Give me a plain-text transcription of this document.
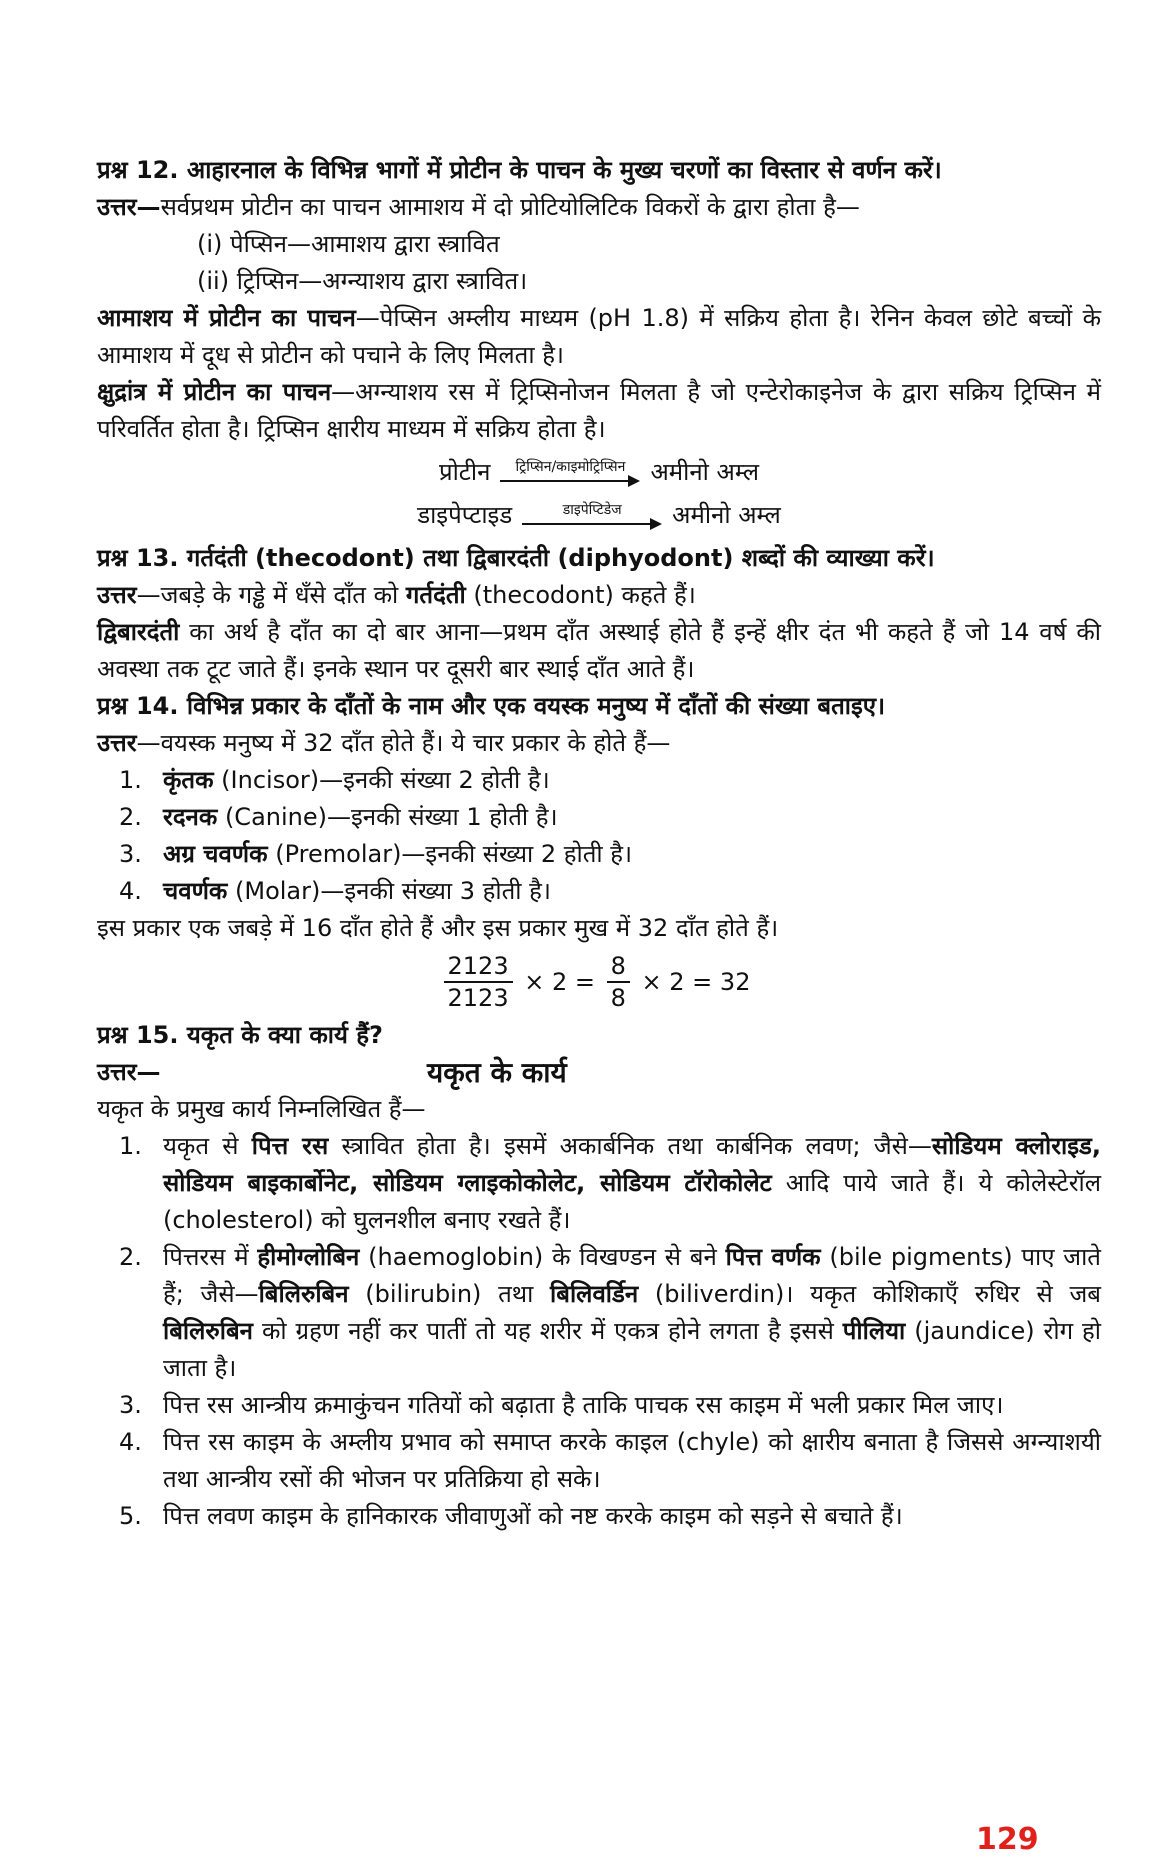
प्रश्न 12. आहारनाल के विभिन्न भागों में प्रोटीन के पाचन के मुख्य चरणों का विस्तार से वर्णन करें।

उत्तर—सर्वप्रथम प्रोटीन का पाचन आमाशय में दो प्रोटियोलिटिक विकरों के द्वारा होता है—

(i) पेप्सिन—आमाशय द्वारा स्त्रावित

(ii) ट्रिप्सिन—अग्न्याशय द्वारा स्त्रावित।

आमाशय में प्रोटीन का पाचन—पेप्सिन अम्लीय माध्यम (pH 1.8) में सक्रिय होता है। रेनिन केवल छोटे बच्चों के आमाशय में दूध से प्रोटीन को पचाने के लिए मिलता है।

क्षुद्रांत्र में प्रोटीन का पाचन—अग्न्याशय रस में ट्रिप्सिनोजन मिलता है जो एन्टेरोकाइनेज के द्वारा सक्रिय ट्रिप्सिन में परिवर्तित होता है। ट्रिप्सिन क्षारीय माध्यम में सक्रिय होता है।

प्रोटीन ट्रिप्सिन/काइमोट्रिप्सिन अमीनो अम्ल
डाइपेप्टाइड	डाइपेप्टिडेज अमीनो अम्ल

प्रश्न 13. गर्तदंती (thecodont) तथा द्विबारदंती (diphyodont) शब्दों की व्याख्या करें।

उत्तर—जबड़े के गड्ढे में धँसे दाँत को गर्तदंती (thecodont) कहते हैं।

द्विबारदंती का अर्थ है दाँत का दो बार आना—प्रथम दाँत अस्थाई होते हैं इन्हें क्षीर दंत भी कहते हैं जो 14 वर्ष की अवस्था तक टूट जाते हैं। इनके स्थान पर दूसरी बार स्थाई दाँत आते हैं।

प्रश्न 14. विभिन्न प्रकार के दाँतों के नाम और एक वयस्क मनुष्य में दाँतों की संख्या बताइए।

उत्तर—वयस्क मनुष्य में 32 दाँत होते हैं। ये चार प्रकार के होते हैं—

1. कृंतक (Incisor)—इनकी संख्या 2 होती है।
2. रदनक (Canine)—इनकी संख्या 1 होती है।
3. अग्र चवर्णक (Premolar)—इनकी संख्या 2 होती है।
4. चवर्णक (Molar)—इनकी संख्या 3 होती है।

इस प्रकार एक जबड़े में 16 दाँत होते हैं और इस प्रकार मुख में 32 दाँत होते हैं।

$\frac{2123}{2123} \times 2 = \frac{8}{8} \times 2 = 32$

प्रश्न 15. यकृत के क्या कार्य हैं?

उत्तर—	यकृत के कार्य

यकृत के प्रमुख कार्य निम्नलिखित हैं—

1. यकृत से पित्त रस स्त्रावित होता है। इसमें अकार्बनिक तथा कार्बनिक लवण; जैसे—सोडियम क्लोराइड, सोडियम बाइकार्बोनेट, सोडियम ग्लाइकोकोलेट, सोडियम टॉरोकोलेट आदि पाये जाते हैं। ये कोलेस्टेरॉल (cholesterol) को घुलनशील बनाए रखते हैं।
2. पित्तरस में हीमोग्लोबिन (haemoglobin) के विखण्डन से बने पित्त वर्णक (bile pigments) पाए जाते हैं; जैसे—बिलिरुबिन (bilirubin) तथा बिलिवर्डिन (biliverdin)। यकृत कोशिकाएँ रुधिर से जब बिलिरुबिन को ग्रहण नहीं कर पातीं तो यह शरीर में एकत्र होने लगता है इससे पीलिया (jaundice) रोग हो जाता है।
3. पित्त रस आन्त्रीय क्रमाकुंचन गतियों को बढ़ाता है ताकि पाचक रस काइम में भली प्रकार मिल जाए।
4. पित्त रस काइम के अम्लीय प्रभाव को समाप्त करके काइल (chyle) को क्षारीय बनाता है जिससे अग्न्याशयी तथा आन्त्रीय रसों की भोजन पर प्रतिक्रिया हो सके।
5. पित्त लवण काइम के हानिकारक जीवाणुओं को नष्ट करके काइम को सड़ने से बचाते हैं।
129
